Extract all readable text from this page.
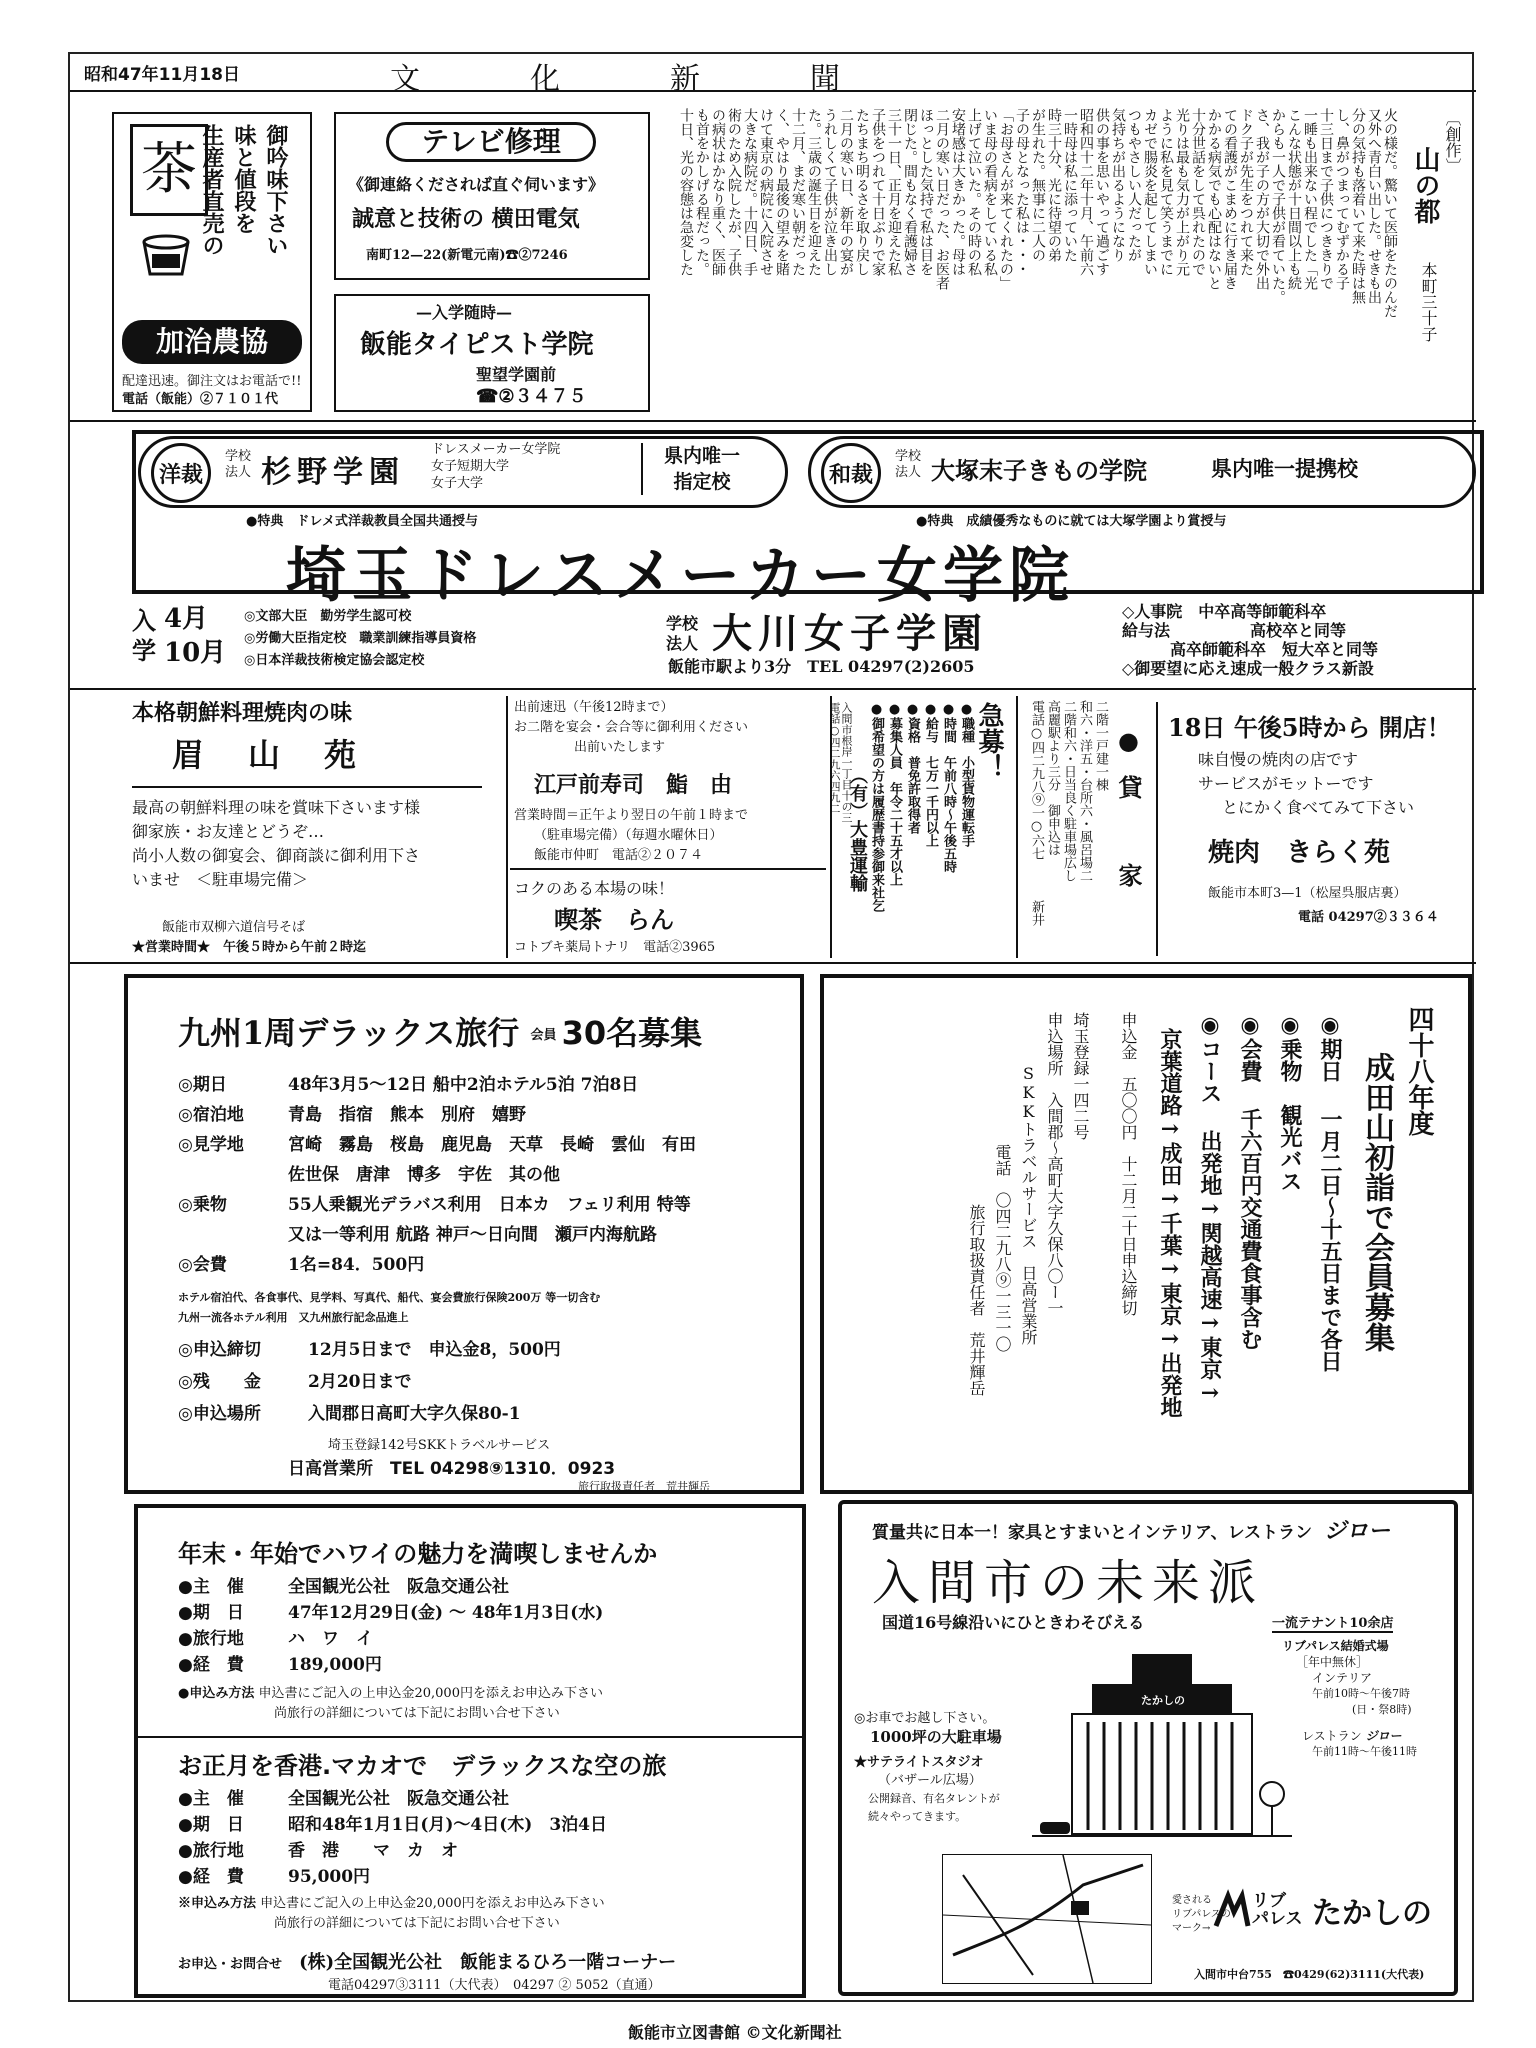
昭和47年11月18日	文　化　新　聞
茶 生産者直売の 味と値段を 御吟味下さい
加治農協
配達迅速。御注文はお電話で!!
電話（飯能）②７１０１代
テレビ修理
《御連絡くだされば直ぐ伺います》
誠意と技術の 横田電気
南町12—22(新電元南)☎②7246
—入学随時—
飯能タイピスト学院
聖望学園前
☎②３４７５
〔創作〕
山の都
本町三十子
火の様だ。驚いて医師をたのんだ
又外へ青白い出した。せきも出
分の気持も落着いて来た時は無
し、鼻がつまってむずかる子
十三日まで子供につききりで
一睡も出来ない程でした「光
こんな状態が十日間以上も続
からも一人で子供が看ていた。
さ、我が子の方が大切で外出
ドク子が先生をつれて来た
ての看護がこまめに行き届き
かかる病気でも心配はないと
十分世話をして呉れたので
光りは最も気力が上がり元
ように私を見て笑うまでに
カゼで腸炎を起してしまい
つもやさしい人だったが
気持ちが出るようになり
供の事を思いやって過ごす
昭和四十二年十月、午前六
一時母は私に添っていた
時三十分、光に待望の弟
が生れた。無事に二人の
子の母となった私は・・・
「お母さんが来てくれたの」
いま母の看病をしている私
上げて泣いた。その時の私
安堵感は大きかった。母は
二月の寒い日だった、お医者
ほっとした気持で私は目を
閉じた。間もなく看護婦さ
三十一日、正月を迎えた私
子供をつれて十日ぶりで家
たちまち明るさを取り戻し
二月の寒い日、新年の宴が
うれしくて子供が泣き出し
た。三歳の誕生日を迎えた
十二月、まだ寒い朝だった
く、やはり最後の望みを賭
けて東京の病院に入院させ
大きな病院だ。十四日、手
術のため入院したが、子供
の病状はかなり重く、医師
も首をかしげる程だった。
十日、光の容態は急変した
洋裁
学校法人 杉野学園
ドレスメーカー女学院
女子短期大学
女子大学
県内唯一
指定校
●特典　ドレメ式洋裁教員全国共通授与
和裁
学校法人 大塚末子きもの学院	県内唯一提携校
●特典　成績優秀なものに就ては大塚学園より賞授与
埼玉ドレスメーカー女学院
入学
4月
10月
◎文部大臣　勤労学生認可校
◎労働大臣指定校　職業訓練指導員資格
◎日本洋裁技術検定協会認定校
学校法人 大川女子学園
飯能市駅より3分　TEL 04297(2)2605
◇人事院　中卒高等師範科卒
給与法　　　　　高校卒と同等
　　　高卒師範科卒　短大卒と同等
◇御要望に応え速成一般クラス新設
本格朝鮮料理焼肉の味
眉　山　苑
最高の朝鮮料理の味を賞味下さいます様
御家族・お友達とどうぞ…
尚小人数の御宴会、御商談に御利用下さ
いませ　＜駐車場完備＞
飯能市双柳六道信号そば
★営業時間★　午後５時から午前２時迄
出前速迅（午後12時まで）
お二階を宴会・会合等に御利用ください
出前いたします
江戸前寿司　鮨　由
営業時間＝正午より翌日の午前１時まで
（駐車場完備）（毎週水曜休日）
飯能市仲町　電話②２０７４
コクのある本場の味！
喫茶　らん
コトブキ薬局トナリ　電話②3965
急募！
●職種　小型貨物運転手
●時間　午前八時〜午後五時
●給与　七万一千円以上
●資格　普免許取得者
●募集人員　年令二十五才以上
●御希望の方は履歴書持参御来社乞
（有）大豊運輸
入間市根岸一丁目十の三
電話○四二九六四九二	●貸　家
二階一戸建一棟
和六・洋五・台所六・風呂場二
二階和六・日当良く駐車場広し
高麗駅より三分　御申込は
電話○四二九八⑨一○六七
新井
18日 午後5時から 開店！
味自慢の焼肉の店です
サービスがモットーです
とにかく食べてみて下さい
焼肉　きらく苑
飯能市本町3—1（松屋呉服店裏）
電話 04297②３３６４
九州1周デラックス旅行 会員 30名募集
◎期日	48年3月5〜12日 船中2泊ホテル5泊 7泊8日
◎宿泊地	青島　指宿　熊本　別府　嬉野
◎見学地	宮崎　霧島　桜島　鹿児島　天草　長崎　雲仙　有田
佐世保　唐津　博多　宇佐　其の他
◎乗物	55人乗観光デラバス利用　日本カ　フェリ利用 特等
又は一等利用 航路 神戸〜日向間　瀬戸内海航路
◎会費	1名=84．500円
ホテル宿泊代、各食事代、見学料、写真代、船代、宴会費旅行保険200万 等一切含む
九州一流各ホテル利用　又九州旅行記念品進上
◎申込締切	12月5日まで　申込金8，500円
◎残　　金	2月20日まで
◎申込場所	入間郡日高町大字久保80-1
埼玉登録142号SKKトラベルサービス
日高営業所　TEL 04298⑨1310．0923
旅行取扱責任者　荒井輝岳
四十八年度
成田山初詣で会員募集
◉期日 一月二日〜十五日まで各日
◉乗物　観光バス
◉会費 千六百円交通費食事含む
◉コース 出発地→関越高速→東京→
京葉道路→成田→千葉→東京→出発地
申込金　五〇〇円　十二月二十日申込締切
埼玉登録一四二号
申込場所　入間郡〜高町大字久保八〇ー一
SKKトラベルサービス　日高営業所
電話　〇四二九八⑨一三一〇
旅行取扱責任者　荒井輝岳
年末・年始でハワイの魅力を満喫しませんか
●主　催	全国観光公社　阪急交通公社
●期　日	47年12月29日(金) ～ 48年1月3日(水)
●旅行地	ハ　ワ　イ
●経　費	189,000円
●申込み方法 申込書にご記入の上申込金20,000円を添えお申込み下さい
尚旅行の詳細については下記にお問い合せ下さい
お正月を香港.マカオで　デラックスな空の旅
●主　催	全国観光公社　阪急交通公社
●期　日	昭和48年1月1日(月)〜4日(木)　3泊4日
●旅行地	香　港　　マ　カ　オ
●経　費	95,000円
※申込み方法 申込書にご記入の上申込金20,000円を添えお申込み下さい
尚旅行の詳細については下記にお問い合せ下さい
お申込・お問合せ (株)全国観光公社　飯能まるひろ一階コーナー
電話04297③3111（大代表）　04297 ② 5052（直通）
質量共に日本一！家具とすまいとインテリア、レストラン ジロー
入間市の未来派
国道16号線沿いにひときわそびえる	一流テナント10余店
リブパレス結婚式場
［年中無休］
インテリア
午前10時〜午後7時
(日・祭8時)
レストラン ジロー
午前11時〜午後11時
◎お車でお越し下さい。
1000坪の大駐車場
★サテライトスタジオ
（バザール広場）
公開録音、有名タレントが
続々やってきます。
たかしの
愛される
リブパレスの
マーク→
リブ
パレス たかしの
入間市中台755　☎0429(62)3111(大代表)
飯能市立図書館 ©文化新聞社
